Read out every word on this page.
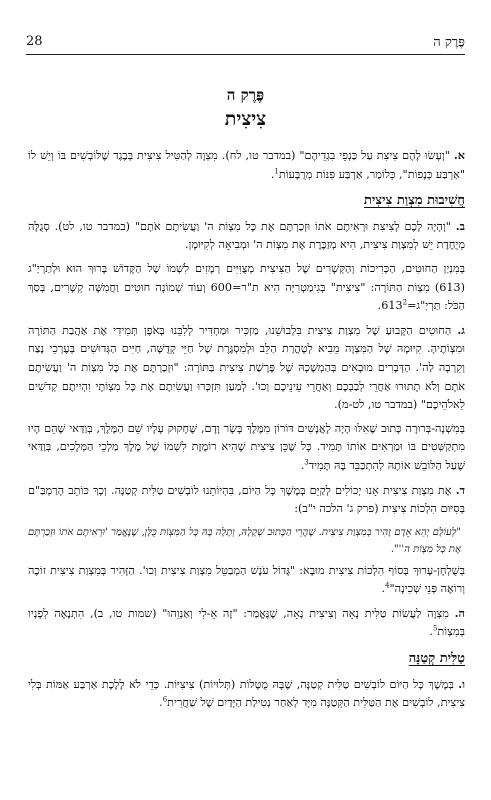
28	פֶּרֶק ה
פֶּרֶק ה
צִיצִית

א. "וְעָשׂוּ לָהֶם צִיצִת עַל כַּנְפֵי בִגְדֵיהֶם" (במדבר טו, לח). מִצְוָה לְהַטִּיל צִיצִית בְּבֶגֶד שֶׁלּוֹבְשִׁים בּוֹ וְיֵשׁ לוֹ "אַרְבַּע כְּנָפוֹת", כְּלוֹמַר, אַרְבַּע פִּנּוֹת מְרֻבָּעוֹת$^1$.

חֲשִׁיבוּת מִצְוַת צִיצִית

ב. "וְהָיָה לָכֶם לְצִיצִת וּרְאִיתֶם אֹתוֹ וּזְכַרְתֶּם אֶת כָּל מִצְוֹת ה' וַעֲשִׂיתֶם אֹתָם" (במדבר טו, לט). סְגֻלָּה מְיֻחֶדֶת יֵשׁ לְמִצְוַת צִיצִית, הִיא מְזַכֶּרֶת אֶת מִצְוֹת ה' וּמְבִיאָה לְקִיּוּמָן.

בְּמִנְיַן הַחוּטִים, הַכְּרִיכוֹת וְהַקְּשָׁרִים שֶׁל הַצִּיצִית מְצֻוִּיִּים רְמָזִים לִשְׁמוֹ שֶׁל הַקָּדוֹשׁ בָּרוּךְ הוּא וּלְתַרְיַ"ג (613) מִצְוֹת הַתּוֹרָה: "צִיצִית" בְּגִימַטְרִיָּה הִיא ת"ר=600 וְעוֹד שְׁמוֹנָה חוּטִים וַחֲמִשָּׁה קְשָׁרִים, בְּסַךְ הַכֹּל: $תַּרְיַ"ג=613^2$.

ג. הַחוּטִים הַקָּבוּעַ שֶׁל מִצְוַת צִיצִית בִּלְבוּשֵׁנוּ, מַזְכִּיר וּמַחְדִּיר לְלִבֵּנוּ בְּאֹפֶן תְּמִידִי אֶת אַהֲבַת הַתּוֹרָה וּמִצְוֹתֶיהָ. קִיּוּמָהּ שֶׁל הַמִּצְוָה מֵבִיא לְטָהֳרַת הַלֵּב וּלְמִסְגֶּרֶת שֶׁל חַיֵּי קְדֻשָּׁה, חַיִּים הַגְּדוּשִׁים בְּעֶרְכֵי נֶצַח וְקִרְבָה לַה'. הַדְּבָרִים מוּבָאִים בְּהַמְשָׁכָהּ שֶׁל פָּרָשַׁת צִיצִית בַּתּוֹרָה: "וּזְכַרְתֶּם אֶת כָּל מִצְוֹת ה' וַעֲשִׂיתֶם אֹתָם וְלֹא תָתוּרוּ אַחֲרֵי לְבַבְכֶם וְאַחֲרֵי עֵינֵיכֶם וְכוּ'. לְמַעַן תִּזְכְּרוּ וַעֲשִׂיתֶם אֶת כָּל מִצְוֹתָי וִהְיִיתֶם קְדֹשִׁים לֵאלֹהֵיכֶם" (במדבר טו, לט-מ).

בְּמִשְׁנָה-בְּרוּרָה כָּתוּב שֶׁאִלּוּ הָיָה לָאֲנָשִׁים דּוֹרוֹן מִמֶּלֶךְ בָּשָׂר וָדָם, שֶׁחָקוּק עָלָיו שֵׁם הַמֶּלֶךְ, בְּוַדַּאי שֶׁהֵם הָיוּ מִתְקַשְּׁטִים בּוֹ וּמַרְאִים אוֹתוֹ תָּמִיד. כָּל שֶׁכֵּן צִיצִית שֶׁהִיא רוֹמֶזֶת לִשְׁמוֹ שֶׁל מֶלֶךְ מַלְכֵי הַמְּלָכִים, בְּוַדַּאי שֶׁעַל הַלּוֹבֵשׁ אוֹתָהּ לְהִתְכַּבֵּד בָּהּ תָּמִיד$^3$.

ד. אֶת מִצְוַת צִיצִית אָנוּ יְכוֹלִים לְקַיֵּם בְּמֶשֶׁךְ כָּל הַיּוֹם, בִּהְיוֹתֵנוּ לוֹבְשִׁים טַלִּית קְטַנָּה. וְכָךְ כּוֹתֵב הָרַמְבַּ"ם בְּסִיּוּם הִלְכוֹת צִיצִית (פרק ג' הלכה י"ב):

"לְעוֹלָם יְהֵא אָדָם זָהִיר בְּמִצְוַת צִיצִית. שֶׁהֲרֵי הַכָּתוּב שְׁקָלָהּ, וְתָלָה בָּהּ כָּל הַמִּצְוֹת כֻּלָּן, שֶׁנֶּאֱמַר 'וּרְאִיתֶם אֹתוֹ וּזְכַרְתֶּם אֶת כָּל מִצְוֹת ה''".

בְּשֻׁלְחָן-עָרוּךְ בְּסוֹף הִלְכוֹת צִיצִית מוּבָא: "גָּדוֹל עֹנֶשׁ הַמְבַטֵּל מִצְוַת צִיצִית וְכוּ'. הַזָּהִיר בְּמִצְוַת צִיצִית זוֹכֶה וְרוֹאֶה פְּנֵי שְׁכִינָה"$^4$.

ה. מִצְוָה לַעֲשׂוֹת טַלִּית נָאָה וְצִיצִית נָאָה, שֶׁנֶּאֱמַר: "זֶה אֵ-לִי וְאַנְוֵהוּ" (שמות טו, ב), הִתְנָאֶה לְפָנָיו בְּמִצְוֹת$^5$.

טַלִּית קְטַנָּה

ו. בְּמֶשֶׁךְ כָּל הַיּוֹם לוֹבְשִׁים טַלִּית קְטַנָּה, שֶׁבָּהּ מֻטָּלוֹת (תְּלוּיוֹת) צִיצִיּוֹת. כְּדֵי לֹא לָלֶכֶת אַרְבַּע אַמּוֹת בְּלִי צִיצִית, לוֹבְשִׁים אֶת הַטַּלִּית הַקְּטַנָּה מִיָּד לְאַחַר נְטִילַת הַיָּדַיִם שֶׁל שַׁחֲרִית$^6$.
